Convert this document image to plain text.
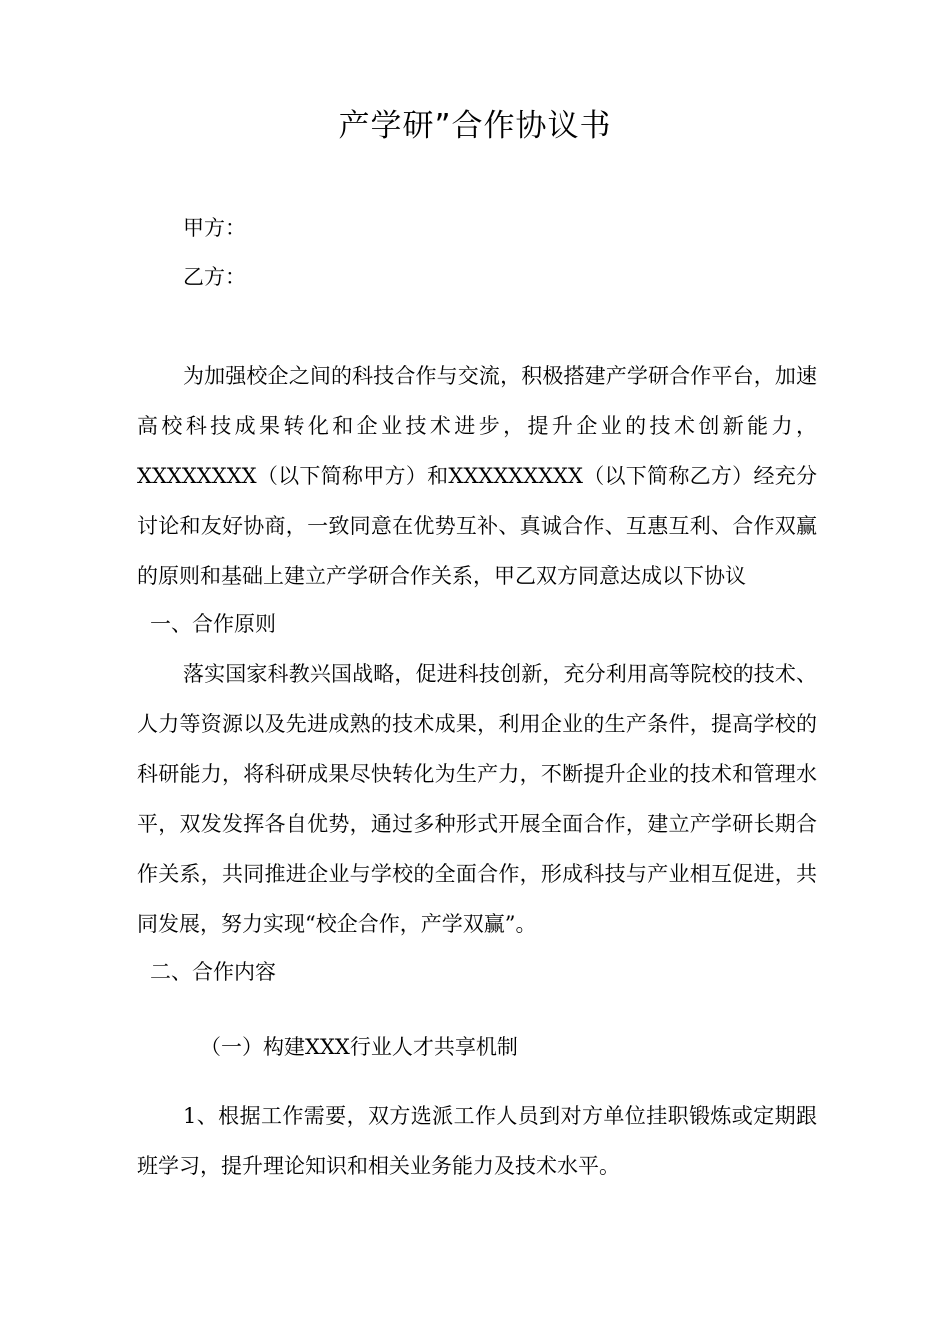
产学研”合作协议书

甲方：

乙方：

为加强校企之间的科技合作与交流，积极搭建产学研合作平台，加速高校科技成果转化和企业技术进步，提升企业的技术创新能力，XXXXXXXX（以下简称甲方）和XXXXXXXXX（以下简称乙方）经充分讨论和友好协商，一致同意在优势互补、真诚合作、互惠互利、合作双赢的原则和基础上建立产学研合作关系，甲乙双方同意达成以下协议

一、合作原则

落实国家科教兴国战略，促进科技创新，充分利用高等院校的技术、人力等资源以及先进成熟的技术成果，利用企业的生产条件，提高学校的科研能力，将科研成果尽快转化为生产力，不断提升企业的技术和管理水平，双发发挥各自优势，通过多种形式开展全面合作，建立产学研长期合作关系，共同推进企业与学校的全面合作，形成科技与产业相互促进，共同发展，努力实现“校企合作，产学双赢”。

二、合作内容

（一）构建XXX行业人才共享机制

1、根据工作需要，双方选派工作人员到对方单位挂职锻炼或定期跟班学习，提升理论知识和相关业务能力及技术水平。
